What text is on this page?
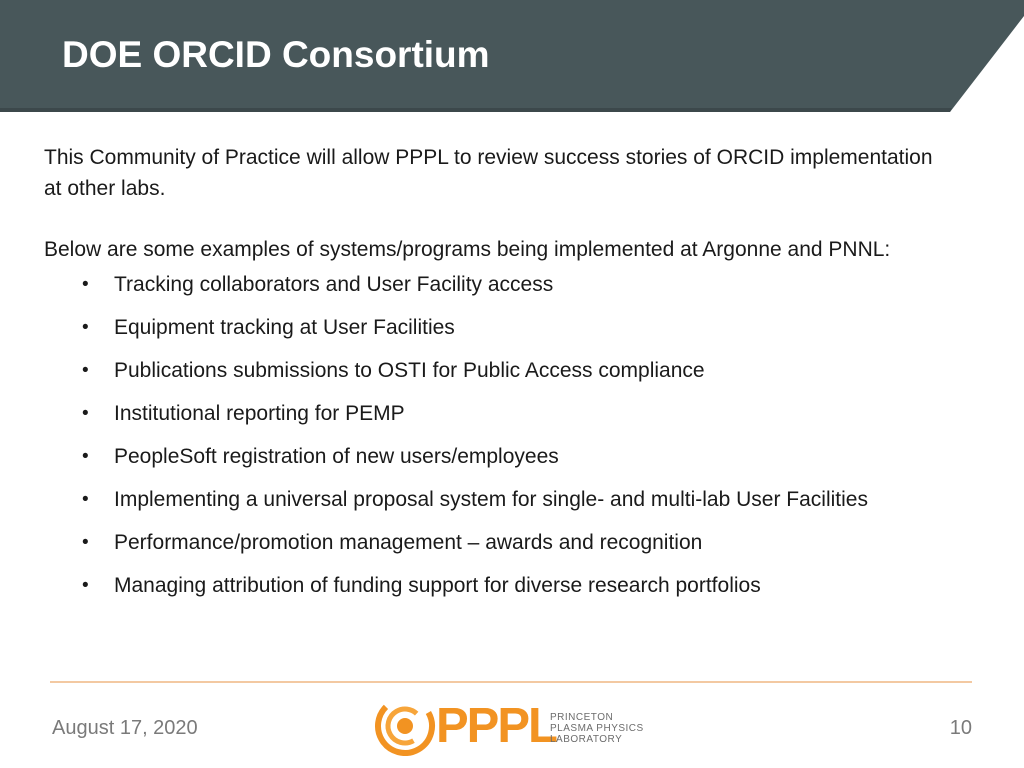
DOE ORCID Consortium

This Community of Practice will allow PPPL to review success stories of ORCID implementation at other labs.

Below are some examples of systems/programs being implemented at Argonne and PNNL:

• Tracking collaborators and User Facility access
• Equipment tracking at User Facilities
• Publications submissions to OSTI for Public Access compliance
• Institutional reporting for PEMP
• PeopleSoft registration of new users/employees
• Implementing a universal proposal system for single- and multi-lab User Facilities
• Performance/promotion management – awards and recognition
• Managing attribution of funding support for diverse research portfolios
August 17, 2020	PPPL
PRINCETON
PLASMA PHYSICS
LABORATORY
10
